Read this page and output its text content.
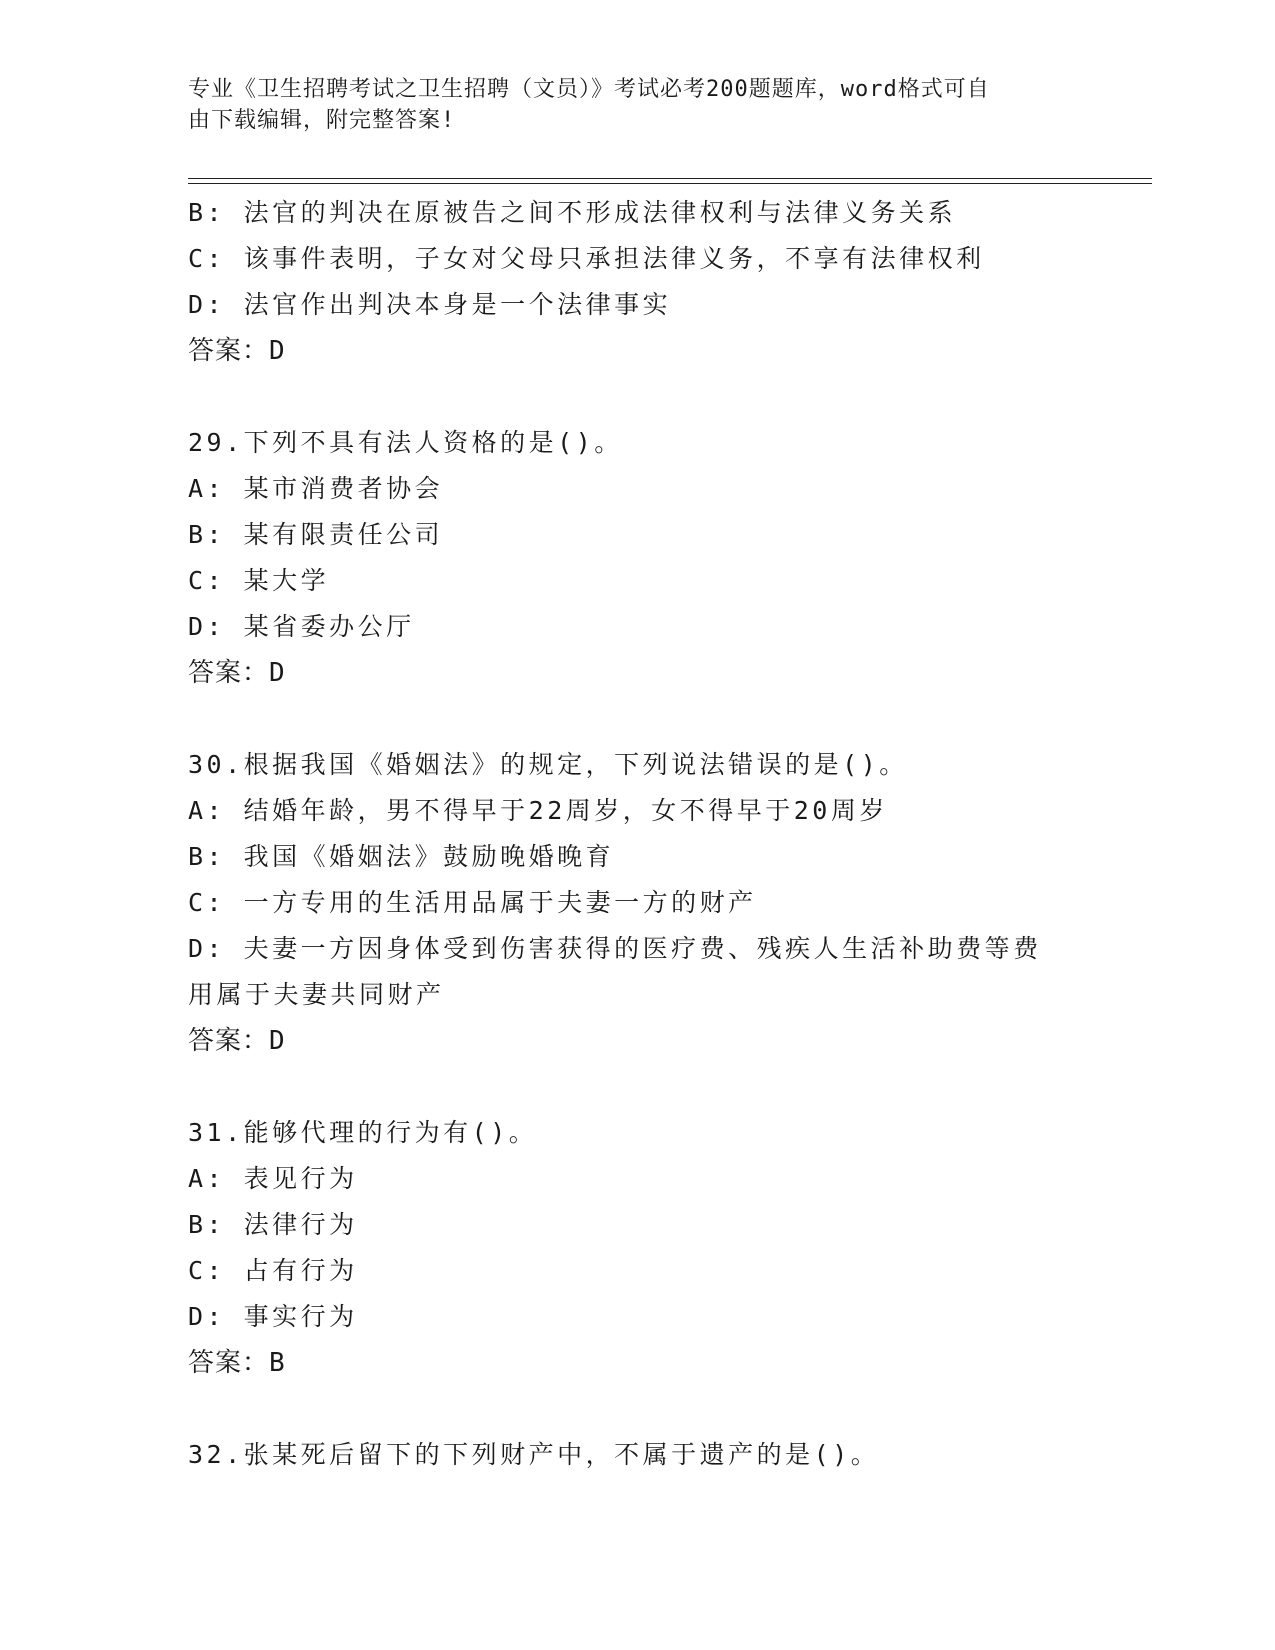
专业《卫生招聘考试之卫生招聘（文员）》考试必考200题题库，word格式可自
由下载编辑，附完整答案!
B: 法官的判决在原被告之间不形成法律权利与法律义务关系
C: 该事件表明，子女对父母只承担法律义务，不享有法律权利
D: 法官作出判决本身是一个法律事实
答案：D
29.下列不具有法人资格的是()。
A: 某市消费者协会
B: 某有限责任公司
C: 某大学
D: 某省委办公厅
答案：D
30.根据我国《婚姻法》的规定，下列说法错误的是()。
A: 结婚年龄，男不得早于22周岁，女不得早于20周岁
B: 我国《婚姻法》鼓励晚婚晚育
C: 一方专用的生活用品属于夫妻一方的财产
D: 夫妻一方因身体受到伤害获得的医疗费、残疾人生活补助费等费用属于夫妻共同财产
答案：D
31.能够代理的行为有()。
A: 表见行为
B: 法律行为
C: 占有行为
D: 事实行为
答案：B
32.张某死后留下的下列财产中，不属于遗产的是()。
